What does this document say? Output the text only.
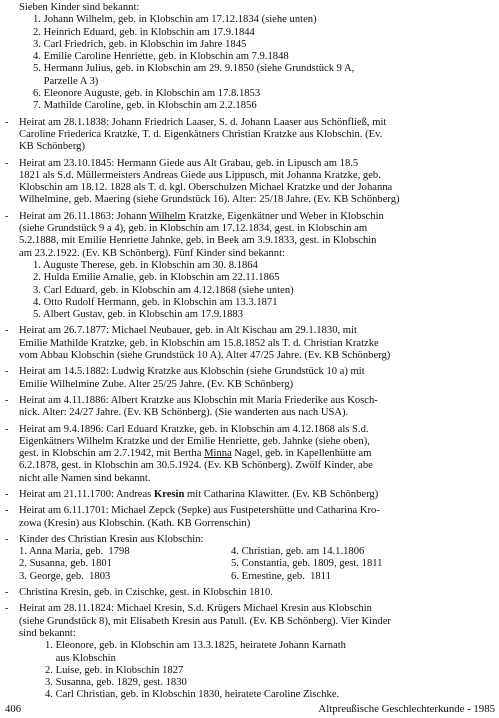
Sieben Kinder sind bekannt:
1. Johann Wilhelm, geb. in Klobschin am 17.12.1834 (siehe unten)
2. Heinrich Eduard, geb. in Klobschin am 17.9.1844
3. Carl Friedrich, geb. in Klobschin im Jahre 1845
4. Emilie Caroline Henriette, geb. in Klobschin am 7.9.1848
5. Hermann Julius, geb. in Klobschin am 29. 9.1850 (siehe Grundstück 9 A,
Parzelle A 3)
6. Eleonore Auguste, geb. in Klobschin am 17.8.1853
7. Mathilde Caroline, geb. in Klobschin am 2.2.1856
- Heirat am 28.1.1838: Johann Friedrich Laaser, S. d. Johann Laaser aus Schönfließ, mit
Caroline Friederica Kratzke, T. d. Eigenkätners Christian Kratzke aus Klobschin. (Ev.
KB Schönberg)
- Heirat am 23.10.1845: Hermann Giede aus Alt Grabau, geb. in Lipusch am 18.5
1821 als S.d. Müllermeisters Andreas Giede aus Lippusch, mit Johanna Kratzke, geb.
Klobschin am 18.12. 1828 als T. d. kgl. Oberschulzen Michael Kratzke und der Johanna
Wilhelmine, geb. Maering (siehe Grundstück 16). Alter: 25/18 Jahre. (Ev. KB Schönberg)
- Heirat am 26.11.1863: Johann Wilhelm Kratzke, Eigenkätner und Weber in Klobschin
(siehe Grundstück 9 a 4), geb. in Klobschin am 17.12.1834, gest. in Klobschin am
5.2.1888, mit Emilie Henriette Jahnke, geb. in Beek am 3.9.1833, gest. in Klobschin
am 23.2.1922. (Ev. KB Schönberg). Fünf Kinder sind bekannt:
1. Auguste Therese, geb. in Klobschin am 30. 8.1864
2. Hulda Emilie Amalie, geb. in Klobschin am 22.11.1865
3. Carl Eduard, geb. in Klobschin am 4.12.1868 (siehe unten)
4. Otto Rudolf Hermann, geb. in Klobschin am 13.3.1871
5. Albert Gustav, geb. in Klobschin am 17.9.1883
- Heirat am 26.7.1877: Michael Neubauer, geb. in Alt Kischau am 29.1.1830, mit
Emilie Mathilde Kratzke, geb. in Klobschin am 15.8.1852 als T. d. Christian Kratzke
vom Abbau Klobschin (siehe Grundstück 10 A). Alter 47/25 Jahre. (Ev. KB Schönberg)
- Heirat am 14.5.1882: Ludwig Kratzke aus Klobschin (siehe Grundstück 10 a) mit
Emilie Wilhelmine Zube. Alter 25/25 Jahre. (Ev. KB Schönberg)
- Heirat am 4.11.1886: Albert Kratzke aus Klobschin mit Maria Friederike aus Kosch-
nick. Alter: 24/27 Jahre. (Ev. KB Schönberg). (Sie wanderten aus nach USA).
- Heirat am 9.4.1896: Carl Eduard Kratzke, geb. in Klobschin am 4.12.1868 als S.d.
Eigenkätners Wilhelm Kratzke und der Emilie Henriette, geb. Jahnke (siehe oben),
gest. in Klobschin am 2.7.1942, mit Bertha Minna Nagel, geb. in Kapellenhütte am
6.2.1878, gest. in Klobschin am 30.5.1924. (Ev. KB Schönberg). Zwölf Kinder, abe
nicht alle Namen sind bekannt.
- Heirat am 21.11.1700: Andreas Kresin mit Catharina Klawitter. (Ev. KB Schönberg)
- Heirat am 6.11.1701: Michael Zepck (Sepke) aus Fustpetershütte und Catharina Kro-
zowa (Kresin) aus Klobschin. (Kath. KB Gorrenschin)
- Kinder des Christian Kresin aus Klobschin:
1. Anna Maria, geb.  1798	4. Christian, geb. am 14.1.1806
2. Susanna, geb. 1801	5. Constantia, geb. 1809, gest. 1811
3. George, geb.  1803	6. Ernestine, geb.  1811
- Christina Kresin, geb. in Czischke, gest. in Klobschin 1810.
- Heirat am 28.11.1824: Michael Kresin, S.d. Krügers Michael Kresin aus Klobschin
(siehe Grundstück 8), mit Elisabeth Kresin aus Patull. (Ev. KB Schönberg). Vier Kinder
sind bekannt:
1. Eleonore, geb. in Klobschin am 13.3.1825, heiratete Johann Karnath
aus Klobschin
2. Luise, geb. in Klobschin 1827
3. Susanna, geb. 1829, gest. 1830
4. Carl Christian, geb. in Klobschin 1830, heiratete Caroline Zischke.
406	Altpreußische Geschlechterkunde - 1985
